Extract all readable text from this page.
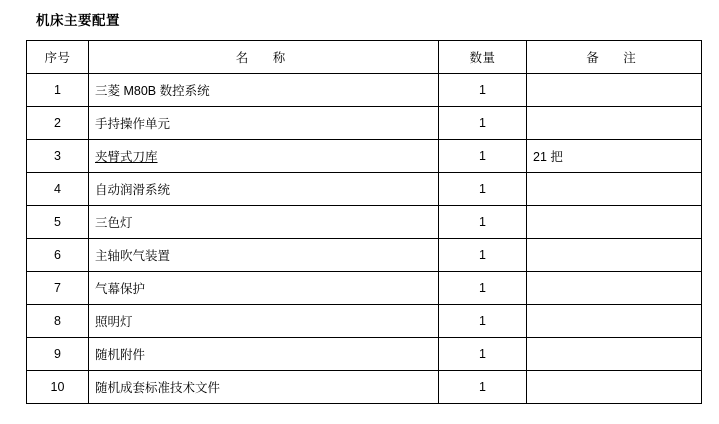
机床主要配置
序号	名　称	数量	备　注
1	三菱 M80B 数控系统	1	
2	手持操作单元	1	
3	夹臂式刀库	1	21 把
4	自动润滑系统	1	
5	三色灯	1	
6	主轴吹气装置	1	
7	气幕保护	1	
8	照明灯	1	
9	随机附件	1	
10	随机成套标准技术文件	1	
